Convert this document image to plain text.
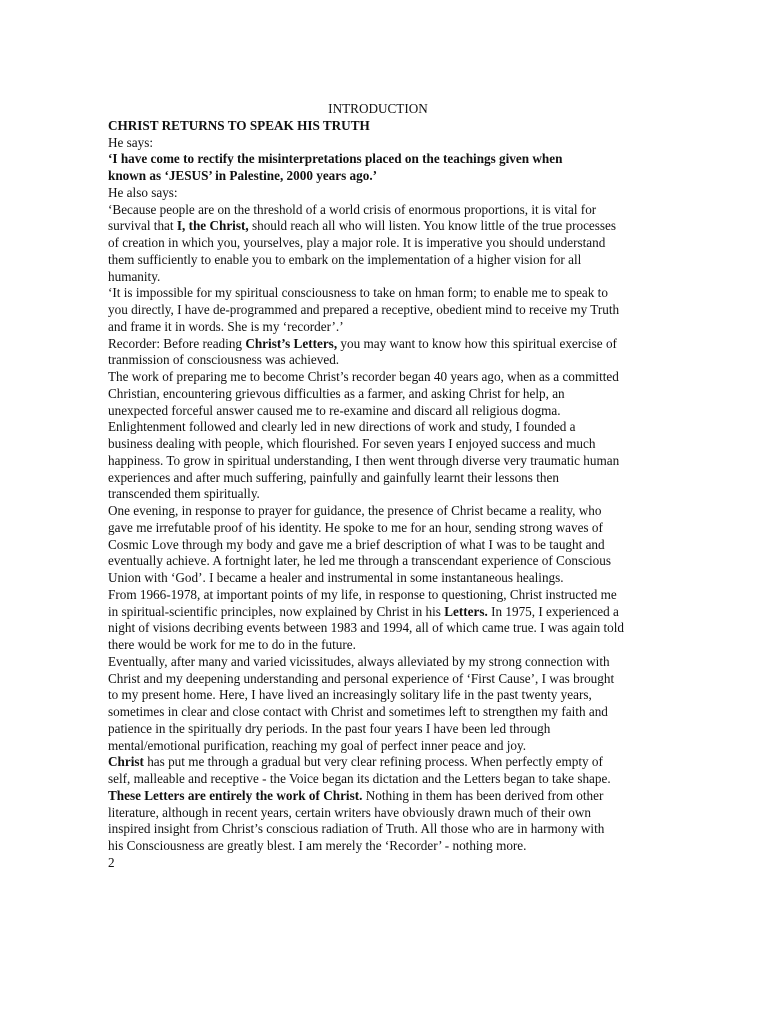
INTRODUCTION
CHRIST RETURNS TO SPEAK HIS TRUTH
He says:
‘I have come to rectify the misinterpretations placed on the teachings given when
known as ‘JESUS’ in Palestine, 2000 years ago.’
He also says:
‘Because people are on the threshold of a world crisis of enormous proportions, it is vital for
survival that I, the Christ, should reach all who will listen. You know little of the true processes
of creation in which you, yourselves, play a major role. It is imperative you should understand
them sufficiently to enable you to embark on the implementation of a higher vision for all
humanity.
‘It is impossible for my spiritual consciousness to take on hman form; to enable me to speak to
you directly, I have de-programmed and prepared a receptive, obedient mind to receive my Truth
and frame it in words. She is my ‘recorder’.’
Recorder: Before reading Christ’s Letters, you may want to know how this spiritual exercise of
tranmission of consciousness was achieved.
The work of preparing me to become Christ’s recorder began 40 years ago, when as a committed
Christian, encountering grievous difficulties as a farmer, and asking Christ for help, an
unexpected forceful answer caused me to re-examine and discard all religious dogma.
Enlightenment followed and clearly led in new directions of work and study, I founded a
business dealing with people, which flourished. For seven years I enjoyed success and much
happiness. To grow in spiritual understanding, I then went through diverse very traumatic human
experiences and after much suffering, painfully and gainfully learnt their lessons then
transcended them spiritually.
One evening, in response to prayer for guidance, the presence of Christ became a reality, who
gave me irrefutable proof of his identity. He spoke to me for an hour, sending strong waves of
Cosmic Love through my body and gave me a brief description of what I was to be taught and
eventually achieve. A fortnight later, he led me through a transcendant experience of Conscious
Union with ‘God’. I became a healer and instrumental in some instantaneous healings.
From 1966-1978, at important points of my life, in response to questioning, Christ instructed me
in spiritual-scientific principles, now explained by Christ in his Letters. In 1975, I experienced a
night of visions decribing events between 1983 and 1994, all of which came true. I was again told
there would be work for me to do in the future.
Eventually, after many and varied vicissitudes, always alleviated by my strong connection with
Christ and my deepening understanding and personal experience of ‘First Cause’, I was brought
to my present home. Here, I have lived an increasingly solitary life in the past twenty years,
sometimes in clear and close contact with Christ and sometimes left to strengthen my faith and
patience in the spiritually dry periods. In the past four years I have been led through
mental/emotional purification, reaching my goal of perfect inner peace and joy.
Christ has put me through a gradual but very clear refining process. When perfectly empty of
self, malleable and receptive - the Voice began its dictation and the Letters began to take shape.
These Letters are entirely the work of Christ. Nothing in them has been derived from other
literature, although in recent years, certain writers have obviously drawn much of their own
inspired insight from Christ’s conscious radiation of Truth. All those who are in harmony with
his Consciousness are greatly blest. I am merely the ‘Recorder’ - nothing more.
2
